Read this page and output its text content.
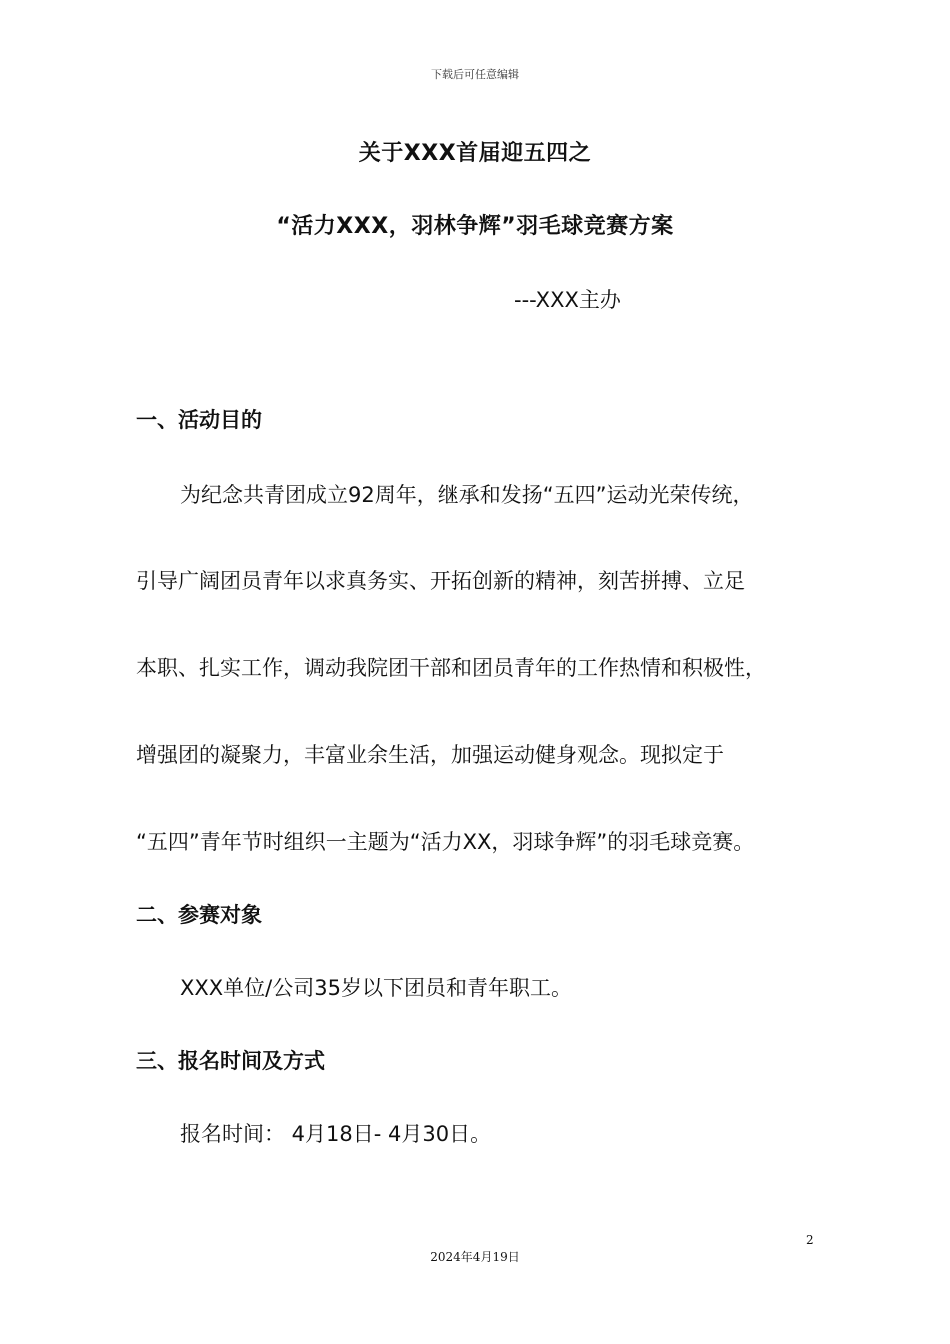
下载后可任意编辑
关于XXX首届迎五四之
“活力XXX，羽林争辉”羽毛球竞赛方案
---XXX主办
一、活动目的
为纪念共青团成立92周年，继承和发扬“五四”运动光荣传统，
引导广阔团员青年以求真务实、开拓创新的精神，刻苦拼搏、立足
本职、扎实工作，调动我院团干部和团员青年的工作热情和积极性，
增强团的凝聚力，丰富业余生活，加强运动健身观念。现拟定于
“五四”青年节时组织一主题为“活力XX，羽球争辉”的羽毛球竞赛。
二、参赛对象
XXX单位/公司35岁以下团员和青年职工。
三、报名时间及方式
报名时间： 4月18日- 4月30日。
2
2024年4月19日
